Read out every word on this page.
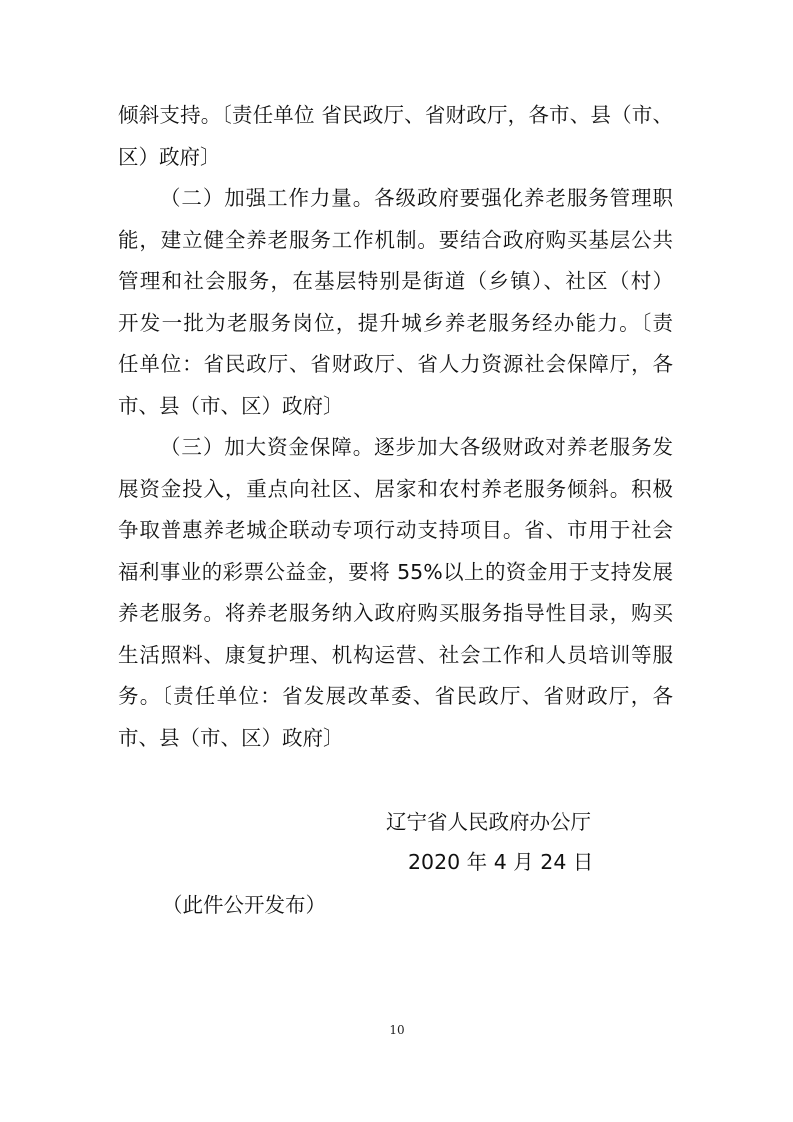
倾斜支持。〔责任单位 省民政厅、省财政厅，各市、县（市、
区）政府〕
（二）加强工作力量。各级政府要强化养老服务管理职
能，建立健全养老服务工作机制。要结合政府购买基层公共
管理和社会服务，在基层特别是街道（乡镇）、社区（村）
开发一批为老服务岗位，提升城乡养老服务经办能力。〔责
任单位：省民政厅、省财政厅、省人力资源社会保障厅，各
市、县（市、区）政府〕
（三）加大资金保障。逐步加大各级财政对养老服务发
展资金投入，重点向社区、居家和农村养老服务倾斜。积极
争取普惠养老城企联动专项行动支持项目。省、市用于社会
福利事业的彩票公益金，要将 55%以上的资金用于支持发展
养老服务。将养老服务纳入政府购买服务指导性目录，购买
生活照料、康复护理、机构运营、社会工作和人员培训等服
务。〔责任单位：省发展改革委、省民政厅、省财政厅，各
市、县（市、区）政府〕
辽宁省人民政府办公厅
2020 年 4 月 24 日
（此件公开发布）
10
